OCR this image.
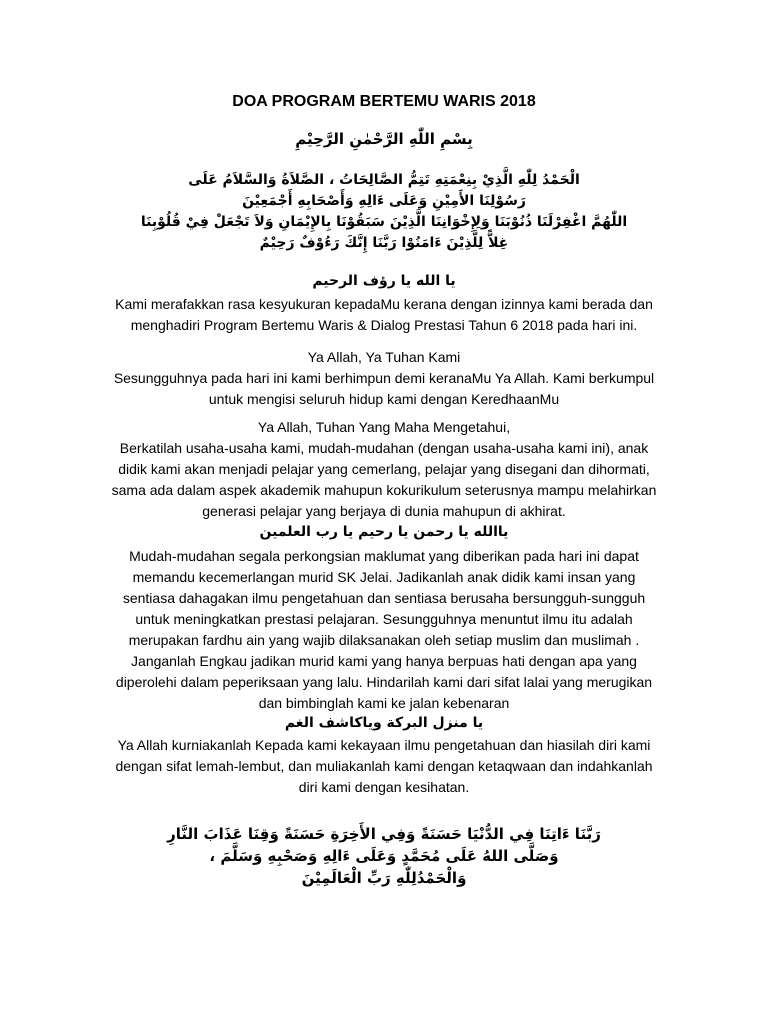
DOA PROGRAM BERTEMU WARIS 2018
بِسْمِ اللّٰهِ الرَّحْمٰنِ الرَّحِيْمِ
الْحَمْدُ لِلّٰهِ الَّذِيْ بِنِعْمَتِهِ تَتِمُّ الصَّالِحَاتُ ، الصَّلاَةُ وَالسَّلاَمُ عَلَى
رَسُوْلِنَا الأَمِيْنِ وَعَلَى ءَالِهِ وَأَصْحَابِهِ أَجْمَعِيْنَ
اللّٰهُمَّ اغْفِرْلَنَا ذُنُوْبَنَا وَلِإِخْوَانِنَا الَّذِيْنَ سَبَقُوْنَا بِالإِيْمَانِ وَلاَ تَجْعَلْ فِيْ قُلُوْبِنَا
غِلاًّ لِلَّذِيْنَ ءَامَنُوْا رَبَّنَا إِنَّكَ رَءُوْفٌ رَحِيْمٌ
يا الله يا رؤف الرحيم

Kami merafakkan rasa kesyukuran kepadaMu kerana dengan izinnya kami berada dan

menghadiri Program Bertemu Waris & Dialog Prestasi Tahun 6 2018 pada hari ini.

Ya Allah, Ya Tuhan Kami

Sesungguhnya pada hari ini kami berhimpun demi keranaMu Ya Allah. Kami berkumpul

untuk mengisi seluruh hidup kami dengan KeredhaanMu

Ya Allah, Tuhan Yang Maha Mengetahui,

Berkatilah usaha-usaha kami, mudah-mudahan (dengan usaha-usaha kami ini), anak

didik kami akan menjadi pelajar yang cemerlang, pelajar yang disegani dan dihormati,

sama ada dalam aspek akademik mahupun kokurikulum seterusnya mampu melahirkan

generasi pelajar yang berjaya di dunia mahupun di akhirat.

ياالله يا رحمن يا رحيم يا رب العلمين

Mudah-mudahan segala perkongsian maklumat yang diberikan pada hari ini dapat

memandu kecemerlangan murid SK Jelai. Jadikanlah anak didik kami insan yang

sentiasa dahagakan ilmu pengetahuan dan sentiasa berusaha bersungguh-sungguh

untuk meningkatkan prestasi pelajaran. Sesungguhnya menuntut ilmu itu adalah

merupakan fardhu ain yang wajib dilaksanakan oleh setiap muslim dan muslimah .

Janganlah Engkau jadikan murid kami yang hanya berpuas hati dengan apa yang

diperolehi dalam peperiksaan yang lalu. Hindarilah kami dari sifat lalai yang merugikan

dan bimbinglah kami ke jalan kebenaran

يا منزل البركة وياكاشف الغم

Ya Allah kurniakanlah Kepada kami kekayaan ilmu pengetahuan dan hiasilah diri kami

dengan sifat lemah-lembut, dan muliakanlah kami dengan ketaqwaan dan indahkanlah

diri kami dengan kesihatan.

رَبَّنَا ءَاتِنَا فِي الدُّنْيَا حَسَنَةً وَفِي الأَخِرَةِ حَسَنَةً وَقِنَا عَذَابَ النَّارِ
وَصَلَّى اللهُ عَلَى مُحَمَّدٍ وَعَلَى ءَالِهِ وَصَحْبِهِ وَسَلَّمَ ،
وَالْحَمْدُلِلّٰهِ رَبِّ الْعَالَمِيْنَ
